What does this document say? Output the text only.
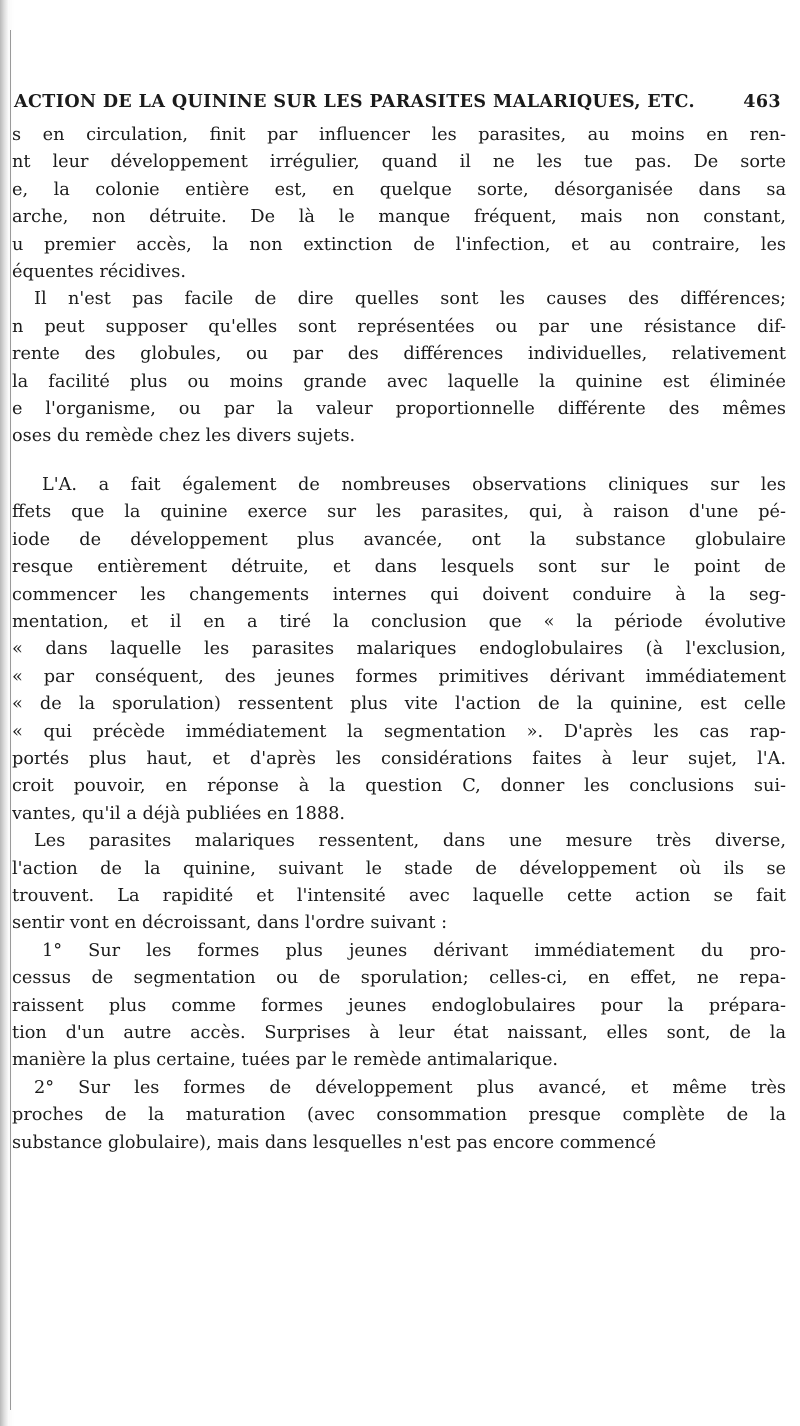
ACTION DE LA QUININE SUR LES PARASITES MALARIQUES, ETC.	463
s en circulation, finit par influencer les parasites, au moins en ren-
nt leur développement irrégulier, quand il ne les tue pas. De sorte
e, la colonie entière est, en quelque sorte, désorganisée dans sa
arche, non détruite. De là le manque fréquent, mais non constant,
u premier accès, la non extinction de l'infection, et au contraire, les
équentes récidives.
Il n'est pas facile de dire quelles sont les causes des différences;
n peut supposer qu'elles sont représentées ou par une résistance dif-
rente des globules, ou par des différences individuelles, relativement
la facilité plus ou moins grande avec laquelle la quinine est éliminée
e l'organisme, ou par la valeur proportionnelle différente des mêmes
oses du remède chez les divers sujets.
L'A. a fait également de nombreuses observations cliniques sur les
ffets que la quinine exerce sur les parasites, qui, à raison d'une pé-
iode de développement plus avancée, ont la substance globulaire
resque entièrement détruite, et dans lesquels sont sur le point de
commencer les changements internes qui doivent conduire à la seg-
mentation, et il en a tiré la conclusion que « la période évolutive
« dans laquelle les parasites malariques endoglobulaires (à l'exclusion,
« par conséquent, des jeunes formes primitives dérivant immédiatement
« de la sporulation) ressentent plus vite l'action de la quinine, est celle
« qui précède immédiatement la segmentation ». D'après les cas rap-
portés plus haut, et d'après les considérations faites à leur sujet, l'A.
croit pouvoir, en réponse à la question C, donner les conclusions sui-
vantes, qu'il a déjà publiées en 1888.
Les parasites malariques ressentent, dans une mesure très diverse,
l'action de la quinine, suivant le stade de développement où ils se
trouvent. La rapidité et l'intensité avec laquelle cette action se fait
sentir vont en décroissant, dans l'ordre suivant :
1° Sur les formes plus jeunes dérivant immédiatement du pro-
cessus de segmentation ou de sporulation; celles-ci, en effet, ne repa-
raissent plus comme formes jeunes endoglobulaires pour la prépara-
tion d'un autre accès. Surprises à leur état naissant, elles sont, de la
manière la plus certaine, tuées par le remède antimalarique.
2° Sur les formes de développement plus avancé, et même très
proches de la maturation (avec consommation presque complète de la
substance globulaire), mais dans lesquelles n'est pas encore commencé
